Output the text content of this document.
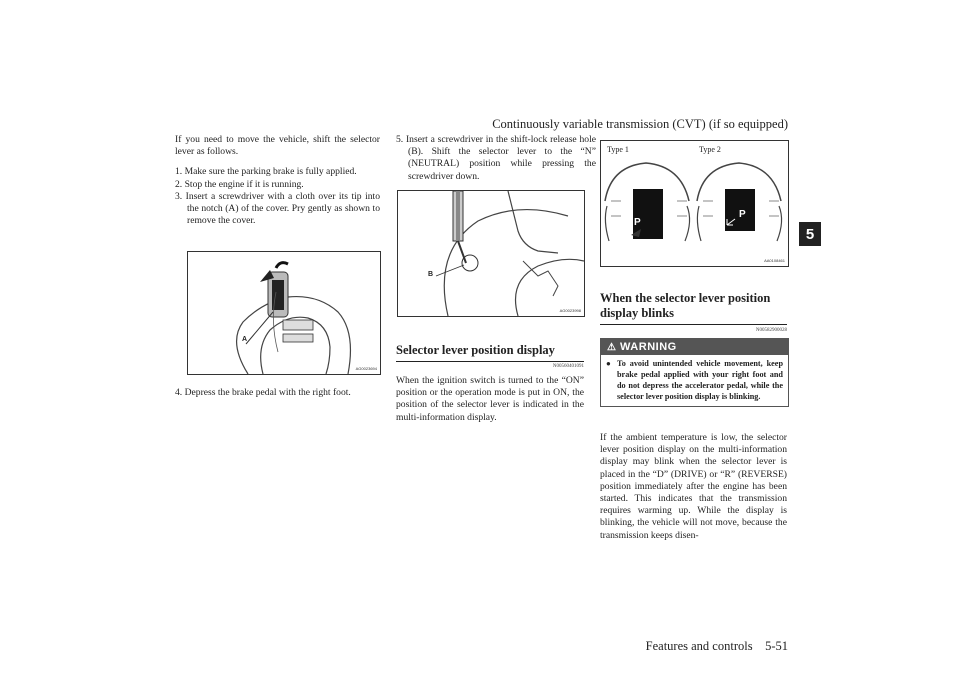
Continuously variable transmission (CVT) (if so equipped)
Features and controls 5-51
5
If you need to move the vehicle, shift the selector lever as follows.
1. Make sure the parking brake is fully applied.
2. Stop the engine if it is running.
3. Insert a screwdriver with a cloth over its tip into the notch (A) of the cover. Pry gently as shown to remove the cover.
A
AG0023694
4. Depress the brake pedal with the right foot.
5. Insert a screwdriver in the shift-lock release hole (B). Shift the selector lever to the “N” (NEUTRAL) position while pressing the screwdriver down.
B
AG0023998
Selector lever position display
N00560401091
When the ignition switch is turned to the “ON” position or the operation mode is put in ON, the position of the selector lever is indicated in the multi-information display.
Type 1	Type 2
P
P
AA0108461
When the selector lever position display blinks
N00582900028
⚠ WARNING
● To avoid unintended vehicle movement, keep brake pedal applied with your right foot and do not depress the accelerator pedal, while the selector lever position display is blinking.
If the ambient temperature is low, the selector lever position display on the multi-information display may blink when the selector lever is placed in the “D” (DRIVE) or “R” (REVERSE) position immediately after the engine has been started. This indicates that the transmission requires warming up. While the display is blinking, the vehicle will not move, because the transmission keeps disen-
